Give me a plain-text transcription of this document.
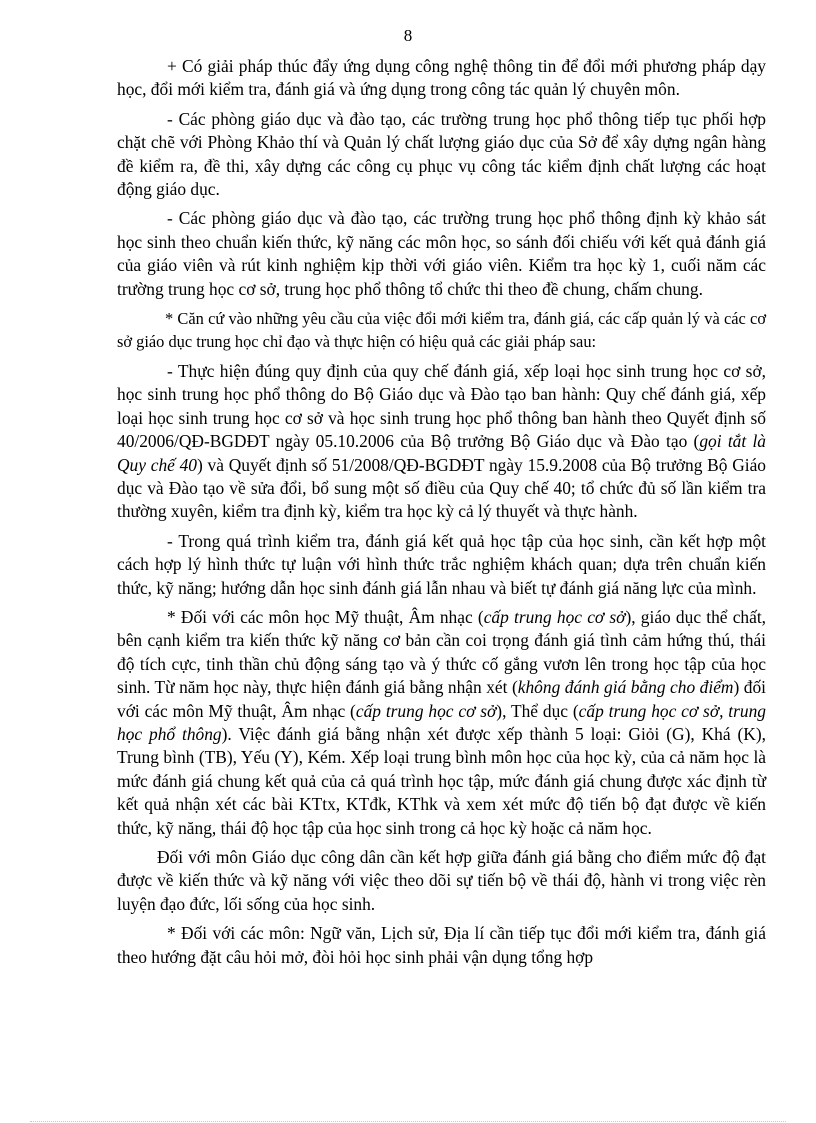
8

+ Có giải pháp thúc đẩy ứng dụng công nghệ thông tin để đổi mới phương pháp dạy học, đổi mới kiểm tra, đánh giá và ứng dụng trong công tác quản lý chuyên môn.

- Các phòng giáo dục và đào tạo, các trường trung học phổ thông tiếp tục phối hợp chặt chẽ với Phòng Khảo thí và Quản lý chất lượng giáo dục của Sở để xây dựng ngân hàng đề kiểm ra, đề thi, xây dựng các công cụ phục vụ công tác kiểm định chất lượng các hoạt động giáo dục.

- Các phòng giáo dục và đào tạo, các trường trung học phổ thông định kỳ khảo sát học sinh theo chuẩn kiến thức, kỹ năng các môn học, so sánh đối chiếu với kết quả đánh giá của giáo viên và rút kinh nghiệm kịp thời với giáo viên. Kiểm tra học kỳ 1, cuối năm các trường trung học cơ sở, trung học phổ thông tổ chức thi theo đề chung, chấm chung.

* Căn cứ vào những yêu cầu của việc đổi mới kiểm tra, đánh giá, các cấp quản lý và các cơ sở giáo dục trung học chỉ đạo và thực hiện có hiệu quả các giải pháp sau:

- Thực hiện đúng quy định của quy chế đánh giá, xếp loại học sinh trung học cơ sở, học sinh trung học phổ thông do Bộ Giáo dục và Đào tạo ban hành: Quy chế đánh giá, xếp loại học sinh trung học cơ sở và học sinh trung học phổ thông ban hành theo Quyết định số 40/2006/QĐ-BGDĐT ngày 05.10.2006 của Bộ trưởng Bộ Giáo dục và Đào tạo (gọi tắt là Quy chế 40) và Quyết định số 51/2008/QĐ-BGDĐT ngày 15.9.2008 của Bộ trưởng Bộ Giáo dục và Đào tạo về sửa đổi, bổ sung một số điều của Quy chế 40; tổ chức đủ số lần kiểm tra thường xuyên, kiểm tra định kỳ, kiểm tra học kỳ cả lý thuyết và thực hành.

- Trong quá trình kiểm tra, đánh giá kết quả học tập của học sinh, cần kết hợp một cách hợp lý hình thức tự luận với hình thức trắc nghiệm khách quan; dựa trên chuẩn kiến thức, kỹ năng; hướng dẫn học sinh đánh giá lẫn nhau và biết tự đánh giá năng lực của mình.

* Đối với các môn học Mỹ thuật, Âm nhạc (cấp trung học cơ sở), giáo dục thể chất, bên cạnh kiểm tra kiến thức kỹ năng cơ bản cần coi trọng đánh giá tình cảm hứng thú, thái độ tích cực, tinh thần chủ động sáng tạo và ý thức cố gắng vươn lên trong học tập của học sinh. Từ năm học này, thực hiện đánh giá bằng nhận xét (không đánh giá bằng cho điểm) đối với các môn Mỹ thuật, Âm nhạc (cấp trung học cơ sở), Thể dục (cấp trung học cơ sở, trung học phổ thông). Việc đánh giá bằng nhận xét được xếp thành 5 loại: Giỏi (G), Khá (K), Trung bình (TB), Yếu (Y), Kém. Xếp loại trung bình môn học của học kỳ, của cả năm học là mức đánh giá chung kết quả của cả quá trình học tập, mức đánh giá chung được xác định từ kết quả nhận xét các bài KTtx, KTđk, KThk và xem xét mức độ tiến bộ đạt được về kiến thức, kỹ năng, thái độ học tập của học sinh trong cả học kỳ hoặc cả năm học.

Đối với môn Giáo dục công dân cần kết hợp giữa đánh giá bằng cho điểm mức độ đạt được về kiến thức và kỹ năng với việc theo dõi sự tiến bộ về thái độ, hành vi trong việc rèn luyện đạo đức, lối sống của học sinh.

* Đối với các môn: Ngữ văn, Lịch sử, Địa lí cần tiếp tục đổi mới kiểm tra, đánh giá theo hướng đặt câu hỏi mở, đòi hỏi học sinh phải vận dụng tổng hợp
